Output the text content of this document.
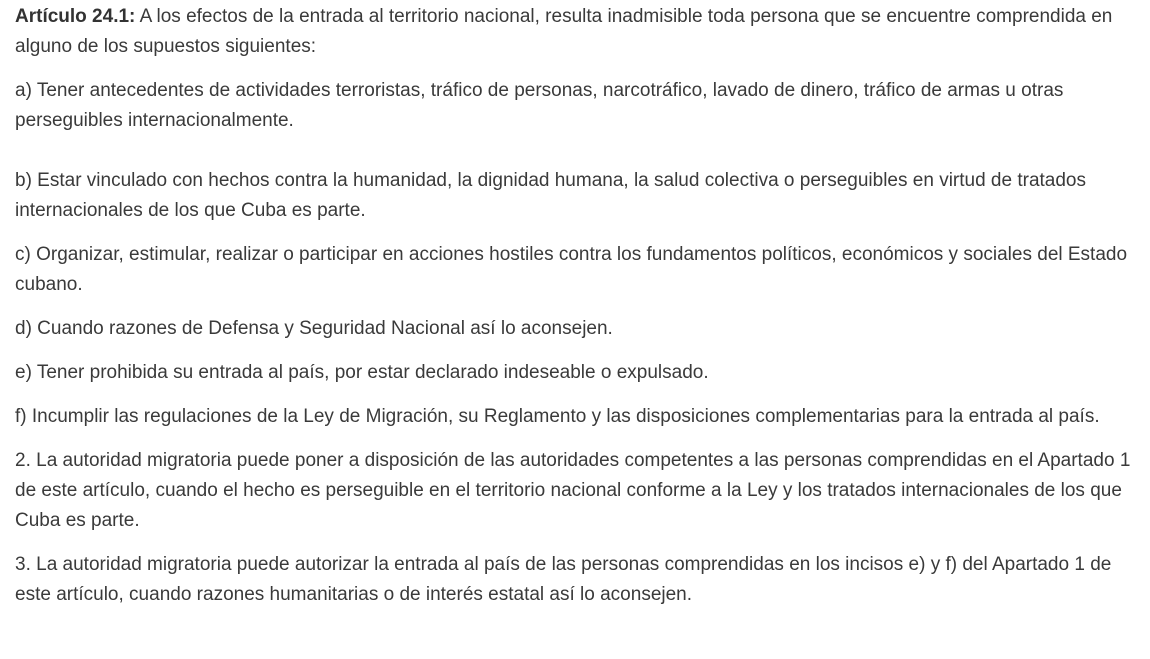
Artículo 24.1: A los efectos de la entrada al territorio nacional, resulta inadmisible toda persona que se encuentre comprendida en alguno de los supuestos siguientes:

a) Tener antecedentes de actividades terroristas, tráfico de personas, narcotráfico, lavado de dinero, tráfico de armas u otras perseguibles internacionalmente.

b) Estar vinculado con hechos contra la humanidad, la dignidad humana, la salud colectiva o perseguibles en virtud de tratados internacionales de los que Cuba es parte.

c) Organizar, estimular, realizar o participar en acciones hostiles contra los fundamentos políticos, económicos y sociales del Estado cubano.

d) Cuando razones de Defensa y Seguridad Nacional así lo aconsejen.

e) Tener prohibida su entrada al país, por estar declarado indeseable o expulsado.

f) Incumplir las regulaciones de la Ley de Migración, su Reglamento y las disposiciones complementarias para la entrada al país.

2. La autoridad migratoria puede poner a disposición de las autoridades competentes a las personas comprendidas en el Apartado 1 de este artículo, cuando el hecho es perseguible en el territorio nacional conforme a la Ley y los tratados internacionales de los que Cuba es parte.

3. La autoridad migratoria puede autorizar la entrada al país de las personas comprendidas en los incisos e) y f) del Apartado 1 de este artículo, cuando razones humanitarias o de interés estatal así lo aconsejen.
